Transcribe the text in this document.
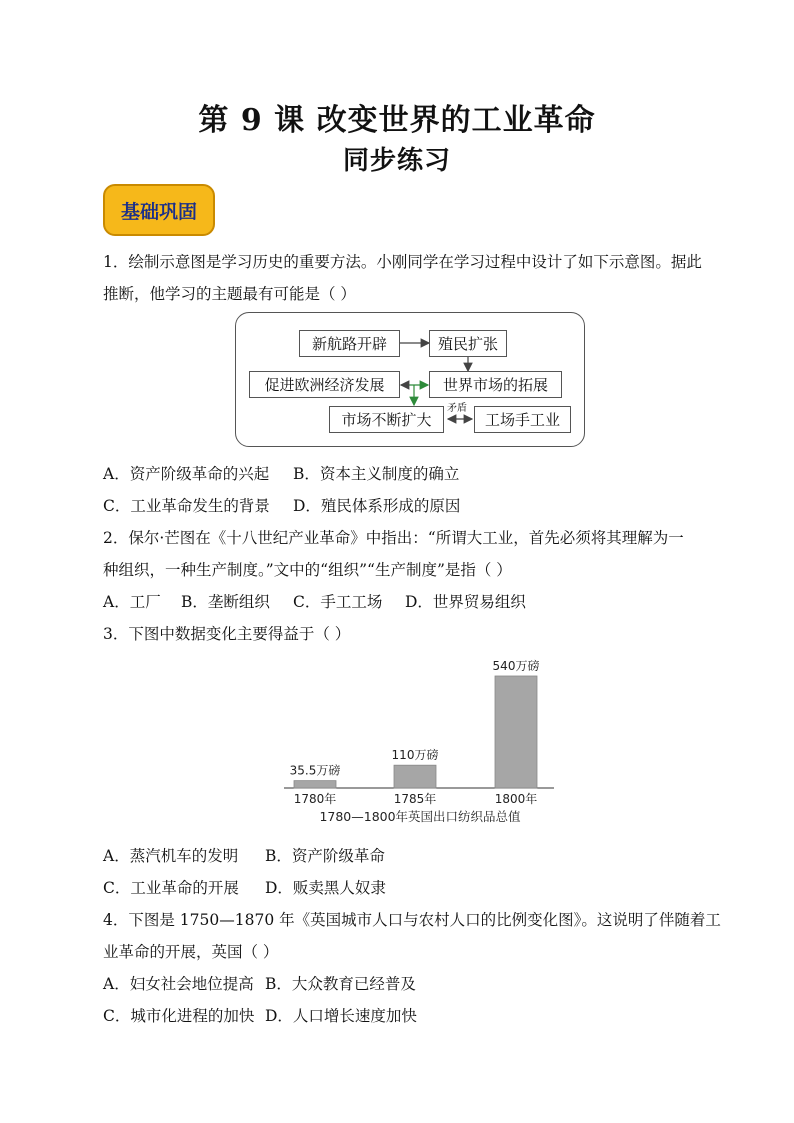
第 9 课 改变世界的工业革命
同步练习
基础巩固
1．绘制示意图是学习历史的重要方法。小刚同学在学习过程中设计了如下示意图。据此
推断，他学习的主题最有可能是（ ）
新航路开辟	殖民扩张
促进欧洲经济发展	世界市场的拓展
市场不断扩大	工场手工业
矛盾
A．资产阶级革命的兴起 B．资本主义制度的确立
C．工业革命发生的背景 D．殖民体系形成的原因
2．保尔·芒图在《十八世纪产业革命》中指出：“所谓大工业，首先必须将其理解为一
种组织，一种生产制度。”文中的“组织”“生产制度”是指（ ）
A．工厂 B．垄断组织 C．手工工场 D．世界贸易组织
3．下图中数据变化主要得益于（ ）
35.5万磅
1780年
110万磅
1785年
540万磅
1800年
1780—1800年英国出口纺织品总值
A．蒸汽机车的发明 B．资产阶级革命
C．工业革命的开展 D．贩卖黑人奴隶
4．下图是 1750—1870 年《英国城市人口与农村人口的比例变化图》。这说明了伴随着工
业革命的开展，英国（ ）
A．妇女社会地位提高 B．大众教育已经普及
C．城市化进程的加快 D．人口增长速度加快
